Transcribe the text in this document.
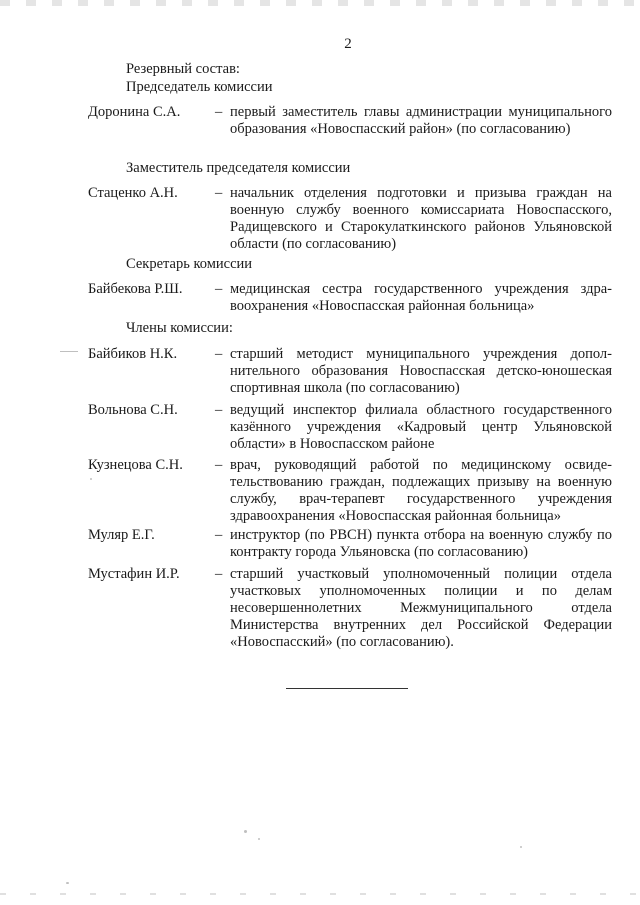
2
Резервный состав:
Председатель комиссии
Доронина С.А. – первый заместитель главы администрации муниципального образования «Новоспасский район» (по согласованию)
Заместитель председателя комиссии
Стаценко А.Н.	– начальник отделения подготовки и призыва граждан на военную службу военного комиссариата Новоспасского, Радищевского и Старокулаткинского районов Ульяновской области (по согласованию)
Секретарь комиссии
Байбекова Р.Ш. – медицинская сестра государственного учреждения здравоохранения «Новоспасская районная больница»
Члены комиссии:
Байбиков Н.К.	– старший методист муниципального учреждения дополнительного образования Новоспасская детско-юношеская спортивная школа (по согласованию)
Вольнова С.Н.	– ведущий инспектор филиала областного государственного казённого учреждения «Кадровый центр Ульяновской области» в Новоспасском районе
Кузнецова С.Н. – врач, руководящий работой по медицинскому освидетельствованию граждан, подлежащих призыву на военную службу, врач-терапевт государственного учреждения здравоохранения «Новоспасская районная больница»
Муляр Е.Г.	– инструктор (по РВСН) пункта отбора на военную службу по контракту города Ульяновска (по согласованию)
Мустафин И.Р. – старший участковый уполномоченный полиции отдела участковых уполномоченных полиции и по делам несовершеннолетних Межмуниципального отдела Министерства внутренних дел Российской Федерации «Новоспасский» (по согласованию).
